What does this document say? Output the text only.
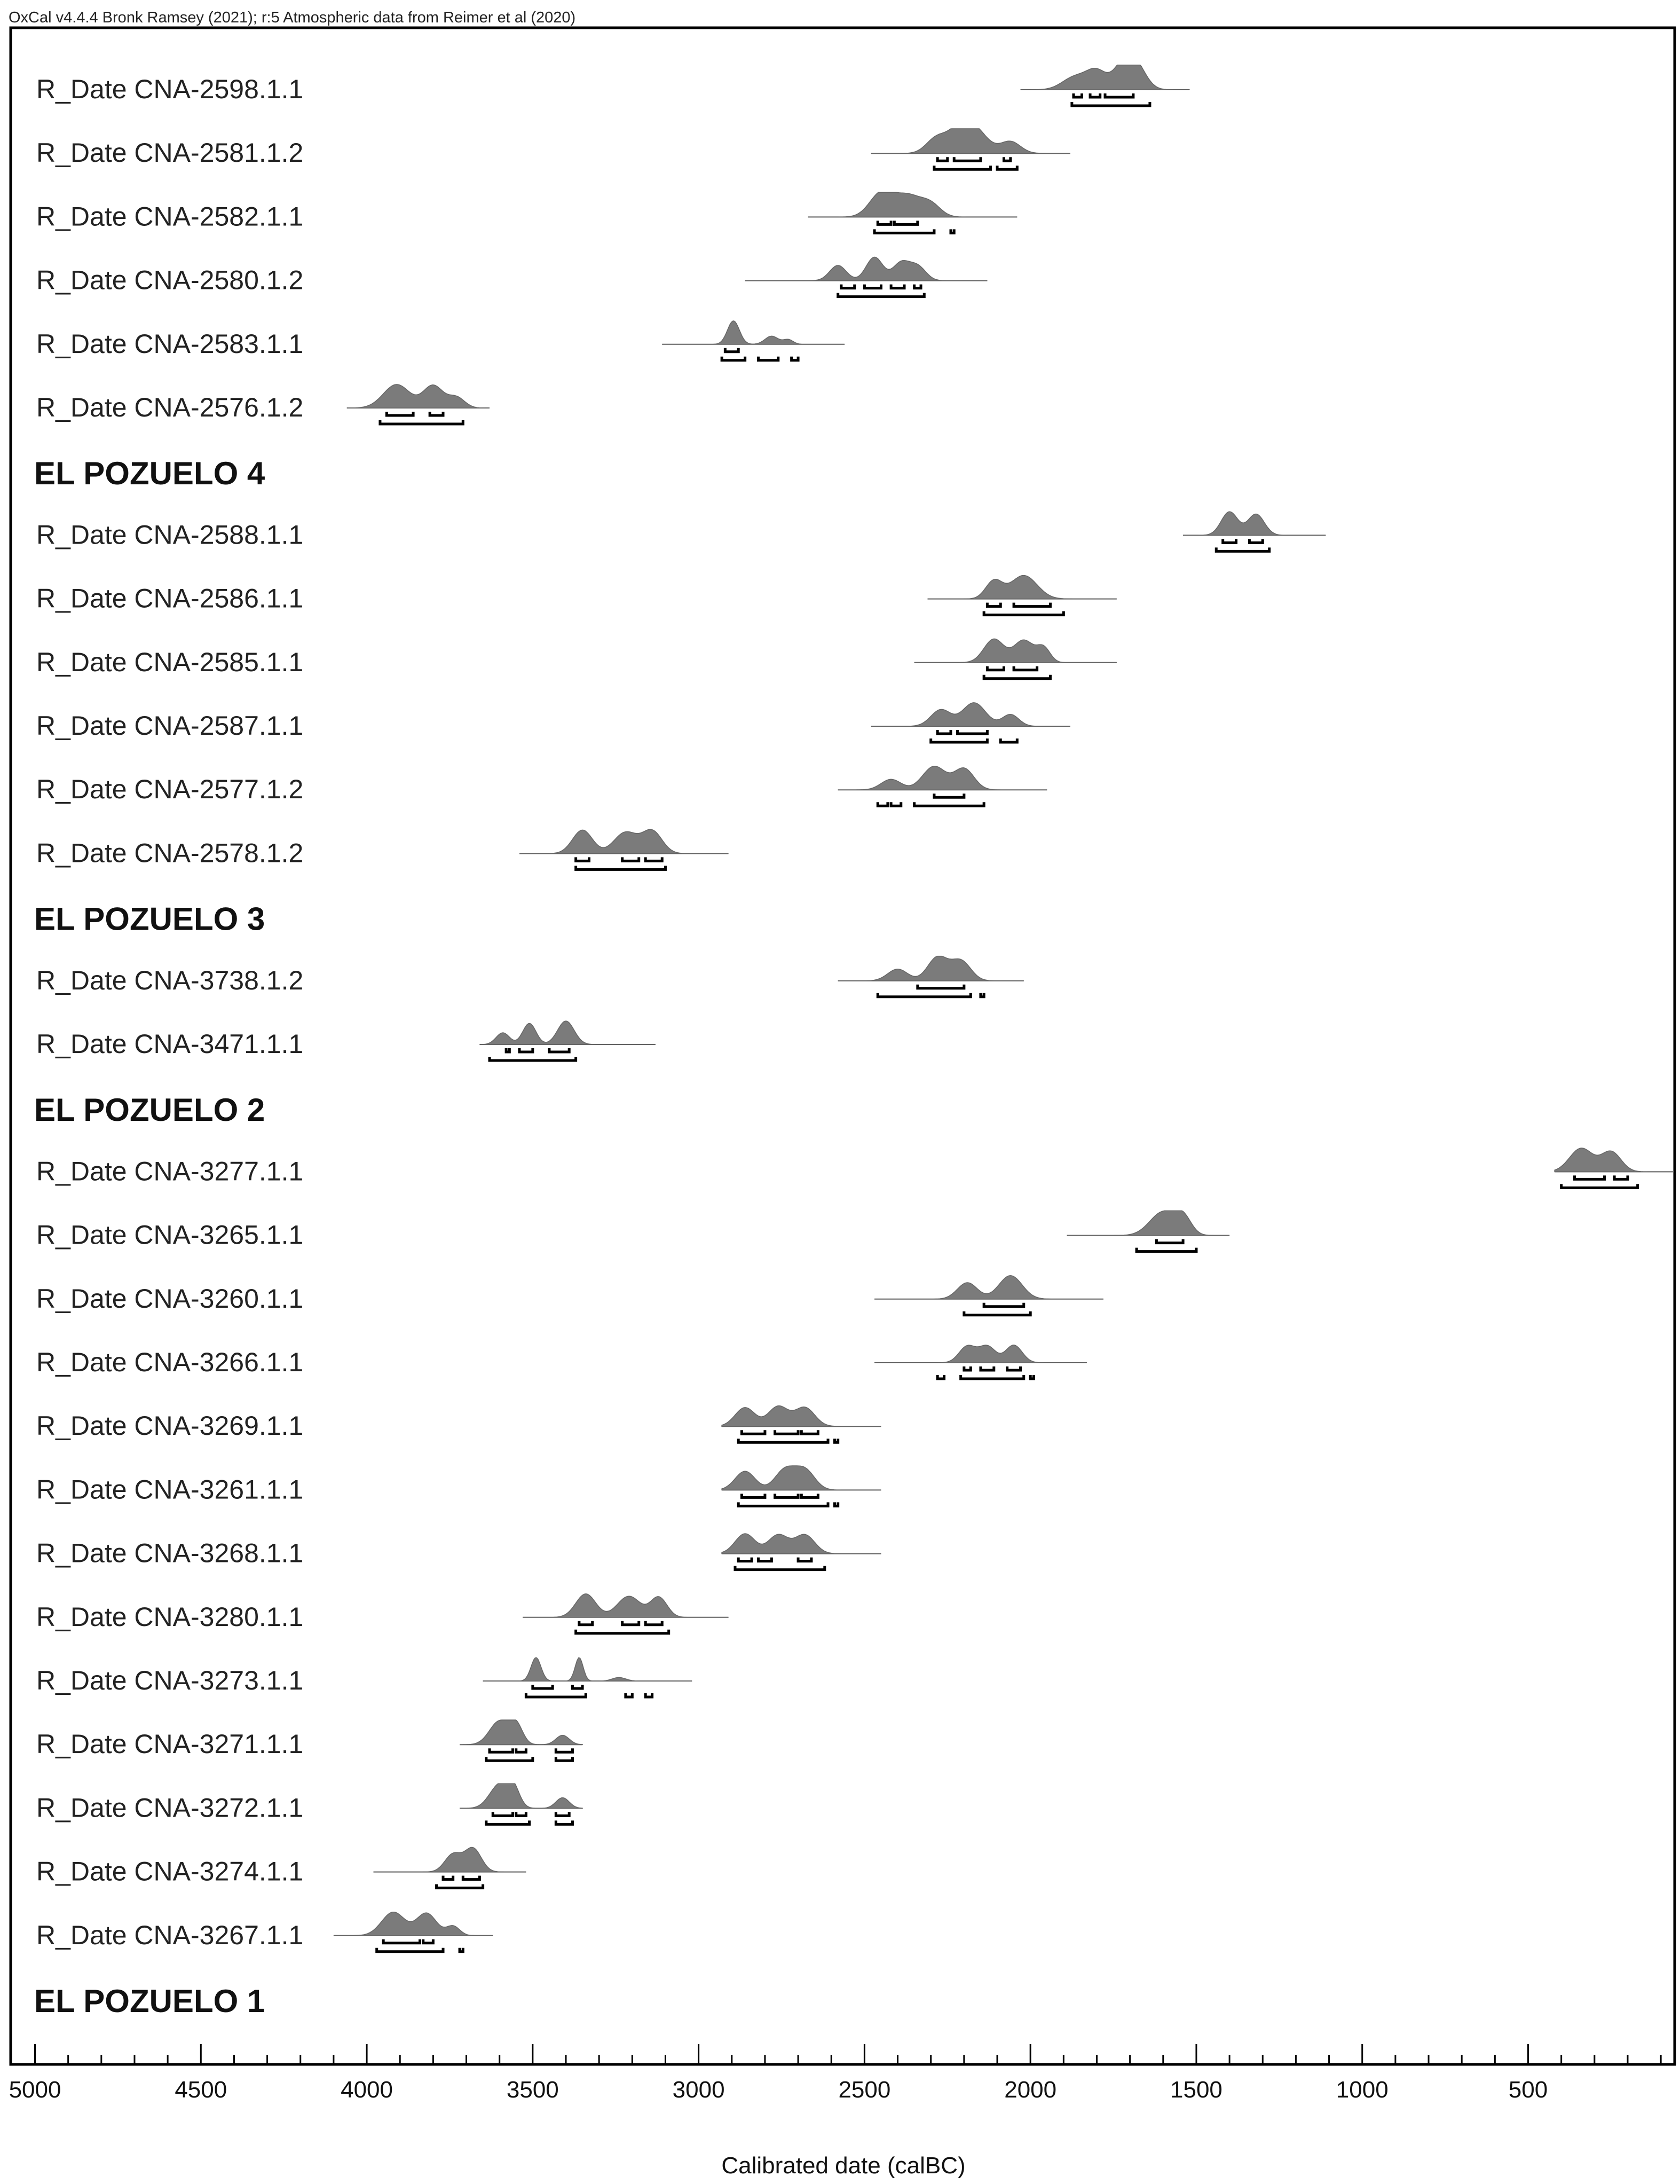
OxCal v4.4.4 Bronk Ramsey (2021); r:5 Atmospheric data from Reimer et al (2020)
R_Date CNA-2598.1.1
R_Date CNA-2581.1.2
R_Date CNA-2582.1.1
R_Date CNA-2580.1.2
R_Date CNA-2583.1.1
R_Date CNA-2576.1.2
EL POZUELO 4
R_Date CNA-2588.1.1
R_Date CNA-2586.1.1
R_Date CNA-2585.1.1
R_Date CNA-2587.1.1
R_Date CNA-2577.1.2
R_Date CNA-2578.1.2
EL POZUELO 3
R_Date CNA-3738.1.2
R_Date CNA-3471.1.1
EL POZUELO 2
R_Date CNA-3277.1.1
R_Date CNA-3265.1.1
R_Date CNA-3260.1.1
R_Date CNA-3266.1.1
R_Date CNA-3269.1.1
R_Date CNA-3261.1.1
R_Date CNA-3268.1.1
R_Date CNA-3280.1.1
R_Date CNA-3273.1.1
R_Date CNA-3271.1.1
R_Date CNA-3272.1.1
R_Date CNA-3274.1.1
R_Date CNA-3267.1.1
EL POZUELO 1
5000	4500	4000	3500	3000	2500	2000	1500	1000	500
Calibrated date (calBC)
